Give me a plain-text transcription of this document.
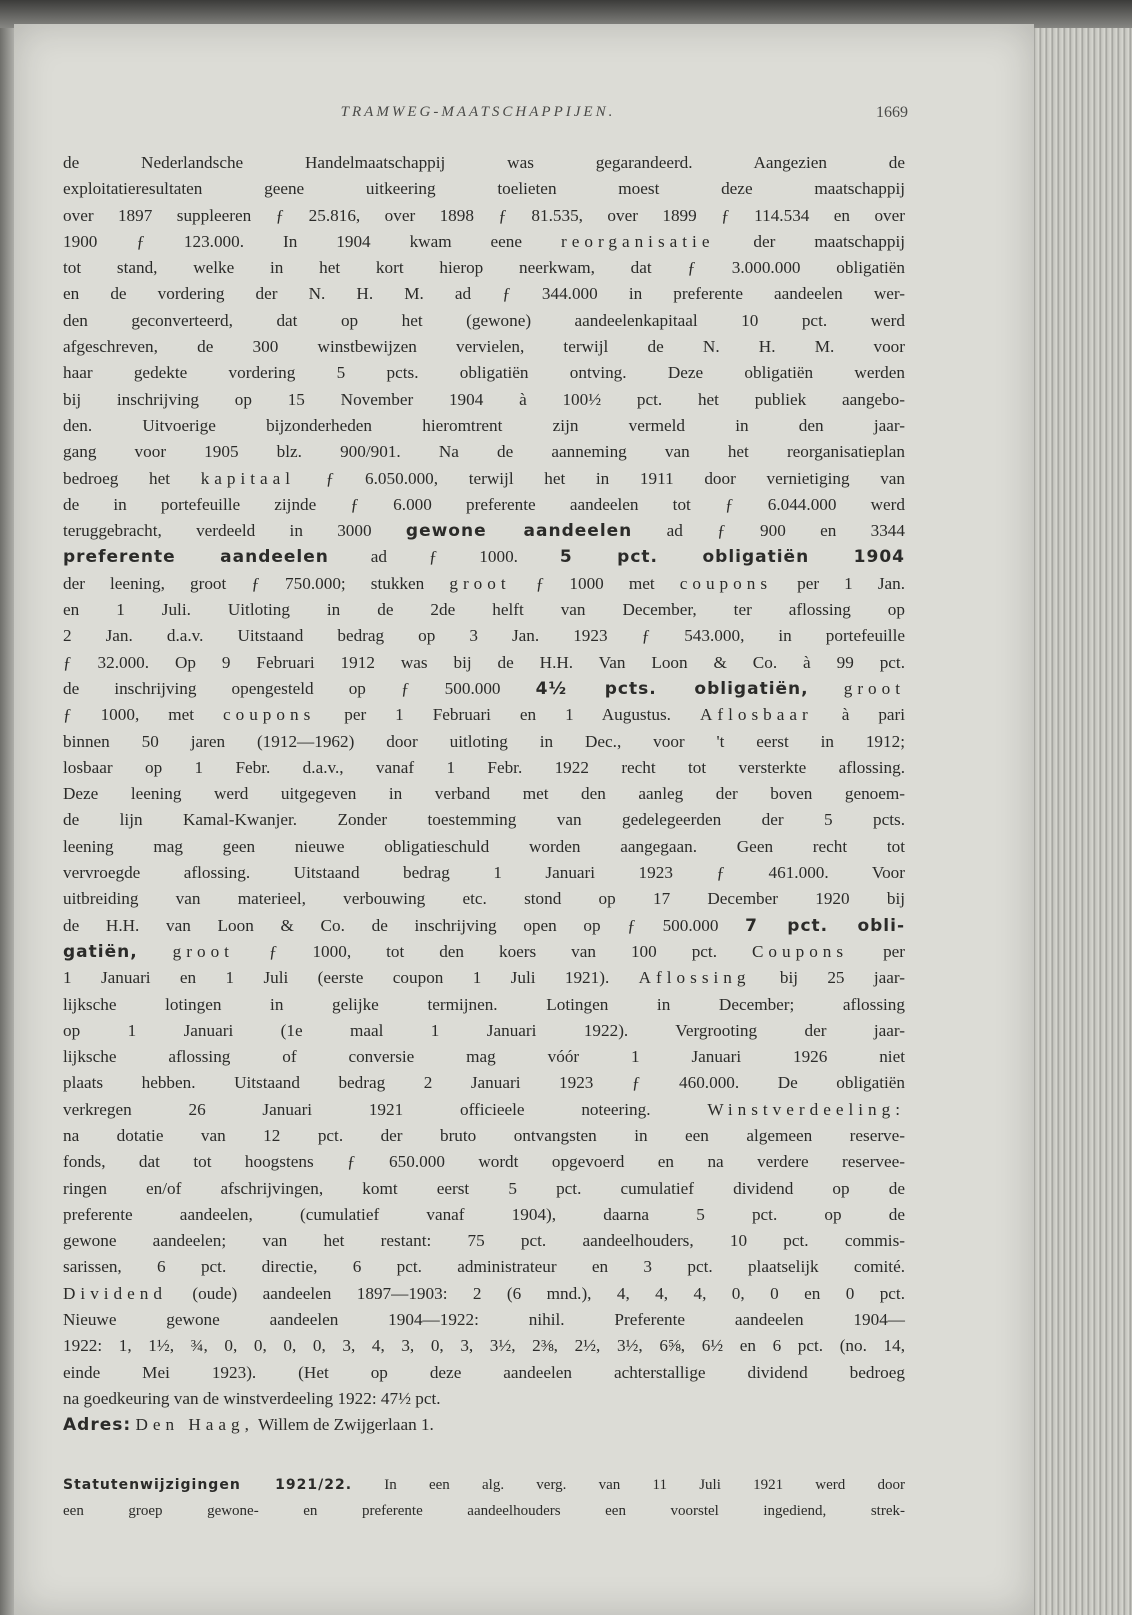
TRAMWEG-MAATSCHAPPIJEN.	1669
de Nederlandsche Handelmaatschappij was gegarandeerd. Aangezien de
exploitatieresultaten geene uitkeering toelieten moest deze maatschappij
over 1897 suppleeren ƒ 25.816, over 1898 ƒ 81.535, over 1899 ƒ 114.534 en over
1900 ƒ 123.000. In 1904 kwam eene reorganisatie der maatschappij
tot stand, welke in het kort hierop neerkwam, dat ƒ 3.000.000 obligatiën
en de vordering der N. H. M. ad ƒ 344.000 in preferente aandeelen wer-
den geconverteerd, dat op het (gewone) aandeelenkapitaal 10 pct. werd
afgeschreven, de 300 winstbewijzen vervielen, terwijl de N. H. M. voor
haar gedekte vordering 5 pcts. obligatiën ontving. Deze obligatiën werden
bij inschrijving op 15 November 1904 à 100½ pct. het publiek aangebo-
den. Uitvoerige bijzonderheden hieromtrent zijn vermeld in den jaar-
gang voor 1905 blz. 900/901. Na de aanneming van het reorganisatieplan
bedroeg het kapitaal ƒ 6.050.000, terwijl het in 1911 door vernietiging van
de in portefeuille zijnde ƒ 6.000 preferente aandeelen tot ƒ 6.044.000 werd
teruggebracht, verdeeld in 3000 gewone aandeelen ad ƒ 900 en 3344
preferente aandeelen ad ƒ 1000. 5 pct. obligatiën 1904
der leening, groot ƒ 750.000; stukken groot ƒ 1000 met coupons per 1 Jan.
en 1 Juli. Uitloting in de 2de helft van December, ter aflossing op
2 Jan. d.a.v. Uitstaand bedrag op 3 Jan. 1923 ƒ 543.000, in portefeuille
ƒ 32.000. Op 9 Februari 1912 was bij de H.H. Van Loon & Co. à 99 pct.
de inschrijving opengesteld op ƒ 500.000 4½ pcts. obligatiën, groot
ƒ 1000, met coupons per 1 Februari en 1 Augustus. Aflosbaar à pari
binnen 50 jaren (1912—1962) door uitloting in Dec., voor 't eerst in 1912;
losbaar op 1 Febr. d.a.v., vanaf 1 Febr. 1922 recht tot versterkte aflossing.
Deze leening werd uitgegeven in verband met den aanleg der boven genoem-
de lijn Kamal-Kwanjer. Zonder toestemming van gedelegeerden der 5 pcts.
leening mag geen nieuwe obligatieschuld worden aangegaan. Geen recht tot
vervroegde aflossing. Uitstaand bedrag 1 Januari 1923 ƒ 461.000. Voor
uitbreiding van materieel, verbouwing etc. stond op 17 December 1920 bij
de H.H. van Loon & Co. de inschrijving open op ƒ 500.000 7 pct. obli-
gatiën, groot ƒ 1000, tot den koers van 100 pct. Coupons per
1 Januari en 1 Juli (eerste coupon 1 Juli 1921). Aflossing bij 25 jaar-
lijksche lotingen in gelijke termijnen. Lotingen in December; aflossing
op 1 Januari (1e maal 1 Januari 1922). Vergrooting der jaar-
lijksche aflossing of conversie mag vóór 1 Januari 1926 niet
plaats hebben. Uitstaand bedrag 2 Januari 1923 ƒ 460.000. De obligatiën
verkregen 26 Januari 1921 officieele noteering.	Winstverdeeling:
na dotatie van 12 pct. der bruto ontvangsten in een algemeen reserve-
fonds, dat tot hoogstens ƒ 650.000 wordt opgevoerd en na verdere reservee-
ringen en/of afschrijvingen, komt eerst 5 pct. cumulatief dividend op de
preferente aandeelen, (cumulatief vanaf 1904), daarna 5 pct. op de
gewone aandeelen; van het restant: 75 pct. aandeelhouders, 10 pct. commis-
sarissen, 6 pct. directie, 6 pct. administrateur en 3 pct. plaatselijk comité.
Dividend (oude) aandeelen 1897—1903: 2 (6 mnd.), 4, 4, 4, 0, 0 en 0 pct.
Nieuwe gewone aandeelen 1904—1922: nihil. Preferente aandeelen 1904—
1922: 1, 1½, ¾, 0, 0, 0, 0, 3, 4, 3, 0, 3, 3½, 2⅜, 2½, 3½, 6⅝, 6½ en 6 pct. (no. 14,
einde Mei 1923). (Het op deze aandeelen achterstallige dividend bedroeg
na goedkeuring van de winstverdeeling 1922: 47½ pct.
Adres: Den Haag, Willem de Zwijgerlaan 1.
Statutenwijzigingen 1921/22. In een alg. verg. van 11 Juli 1921 werd door
een groep gewone- en preferente aandeelhouders een voorstel ingediend, strek-
